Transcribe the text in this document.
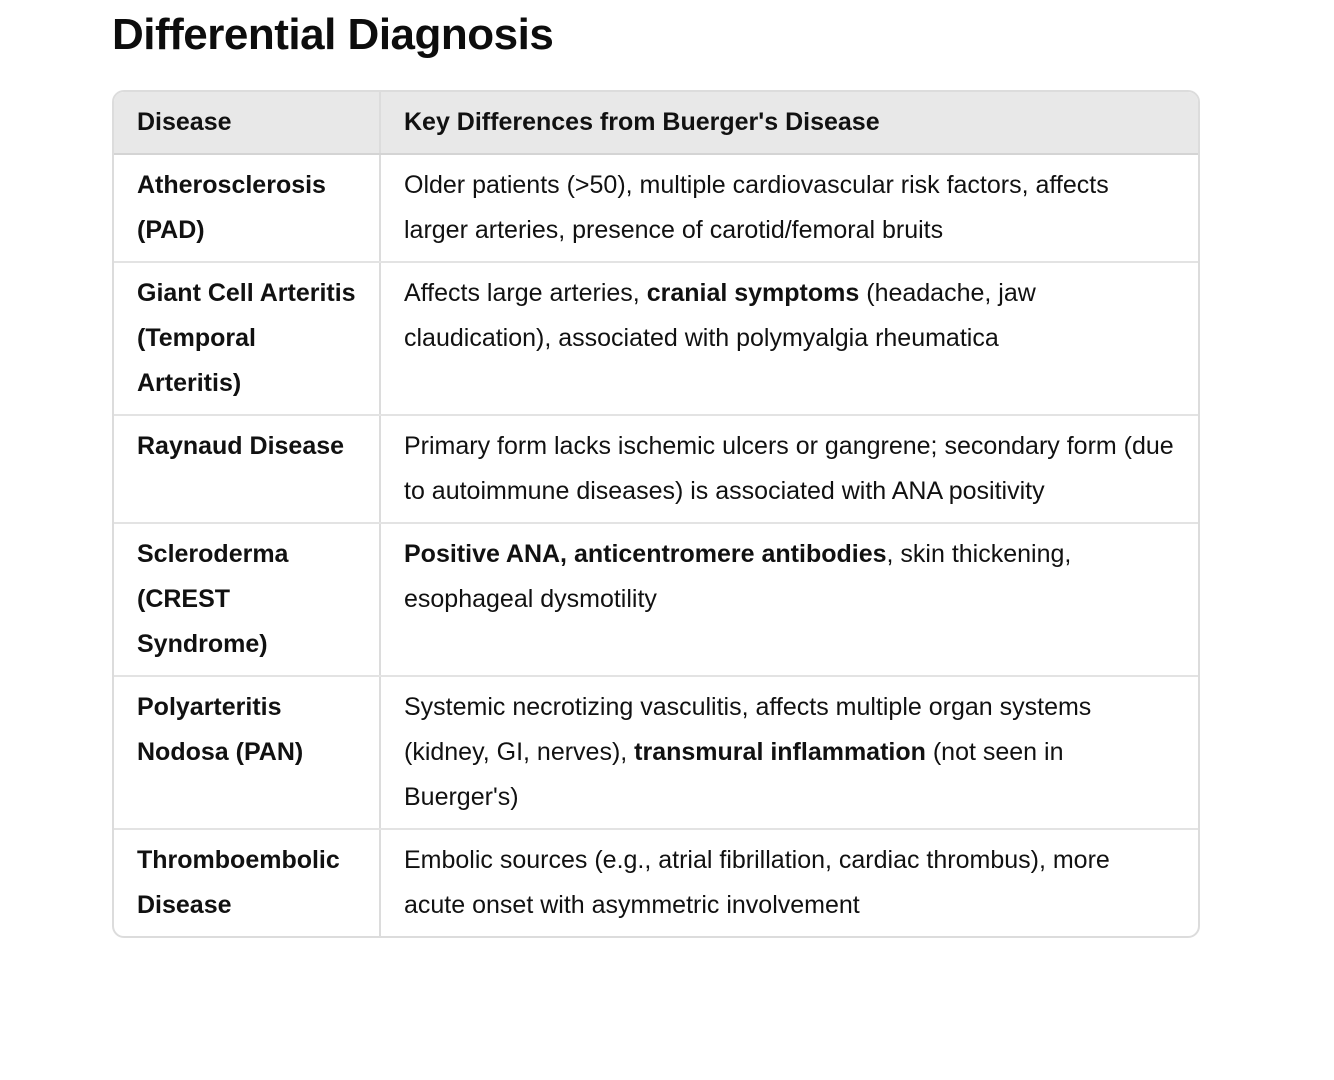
Differential Diagnosis
Disease	Key Differences from Buerger's Disease
Atherosclerosis (PAD)	Older patients (>50), multiple cardiovascular risk factors, affects larger arteries, presence of carotid/femoral bruits
Giant Cell Arteritis (Temporal Arteritis)	Affects large arteries, cranial symptoms (headache, jaw claudication), associated with polymyalgia rheumatica
Raynaud Disease	Primary form lacks ischemic ulcers or gangrene; secondary form (due to autoimmune diseases) is associated with ANA positivity
Scleroderma (CREST Syndrome)	Positive ANA, anticentromere antibodies, skin thickening, esophageal dysmotility
Polyarteritis Nodosa (PAN)	Systemic necrotizing vasculitis, affects multiple organ systems (kidney, GI, nerves), transmural inflammation (not seen in Buerger's)
Thromboembolic Disease	Embolic sources (e.g., atrial fibrillation, cardiac thrombus), more acute onset with asymmetric involvement
